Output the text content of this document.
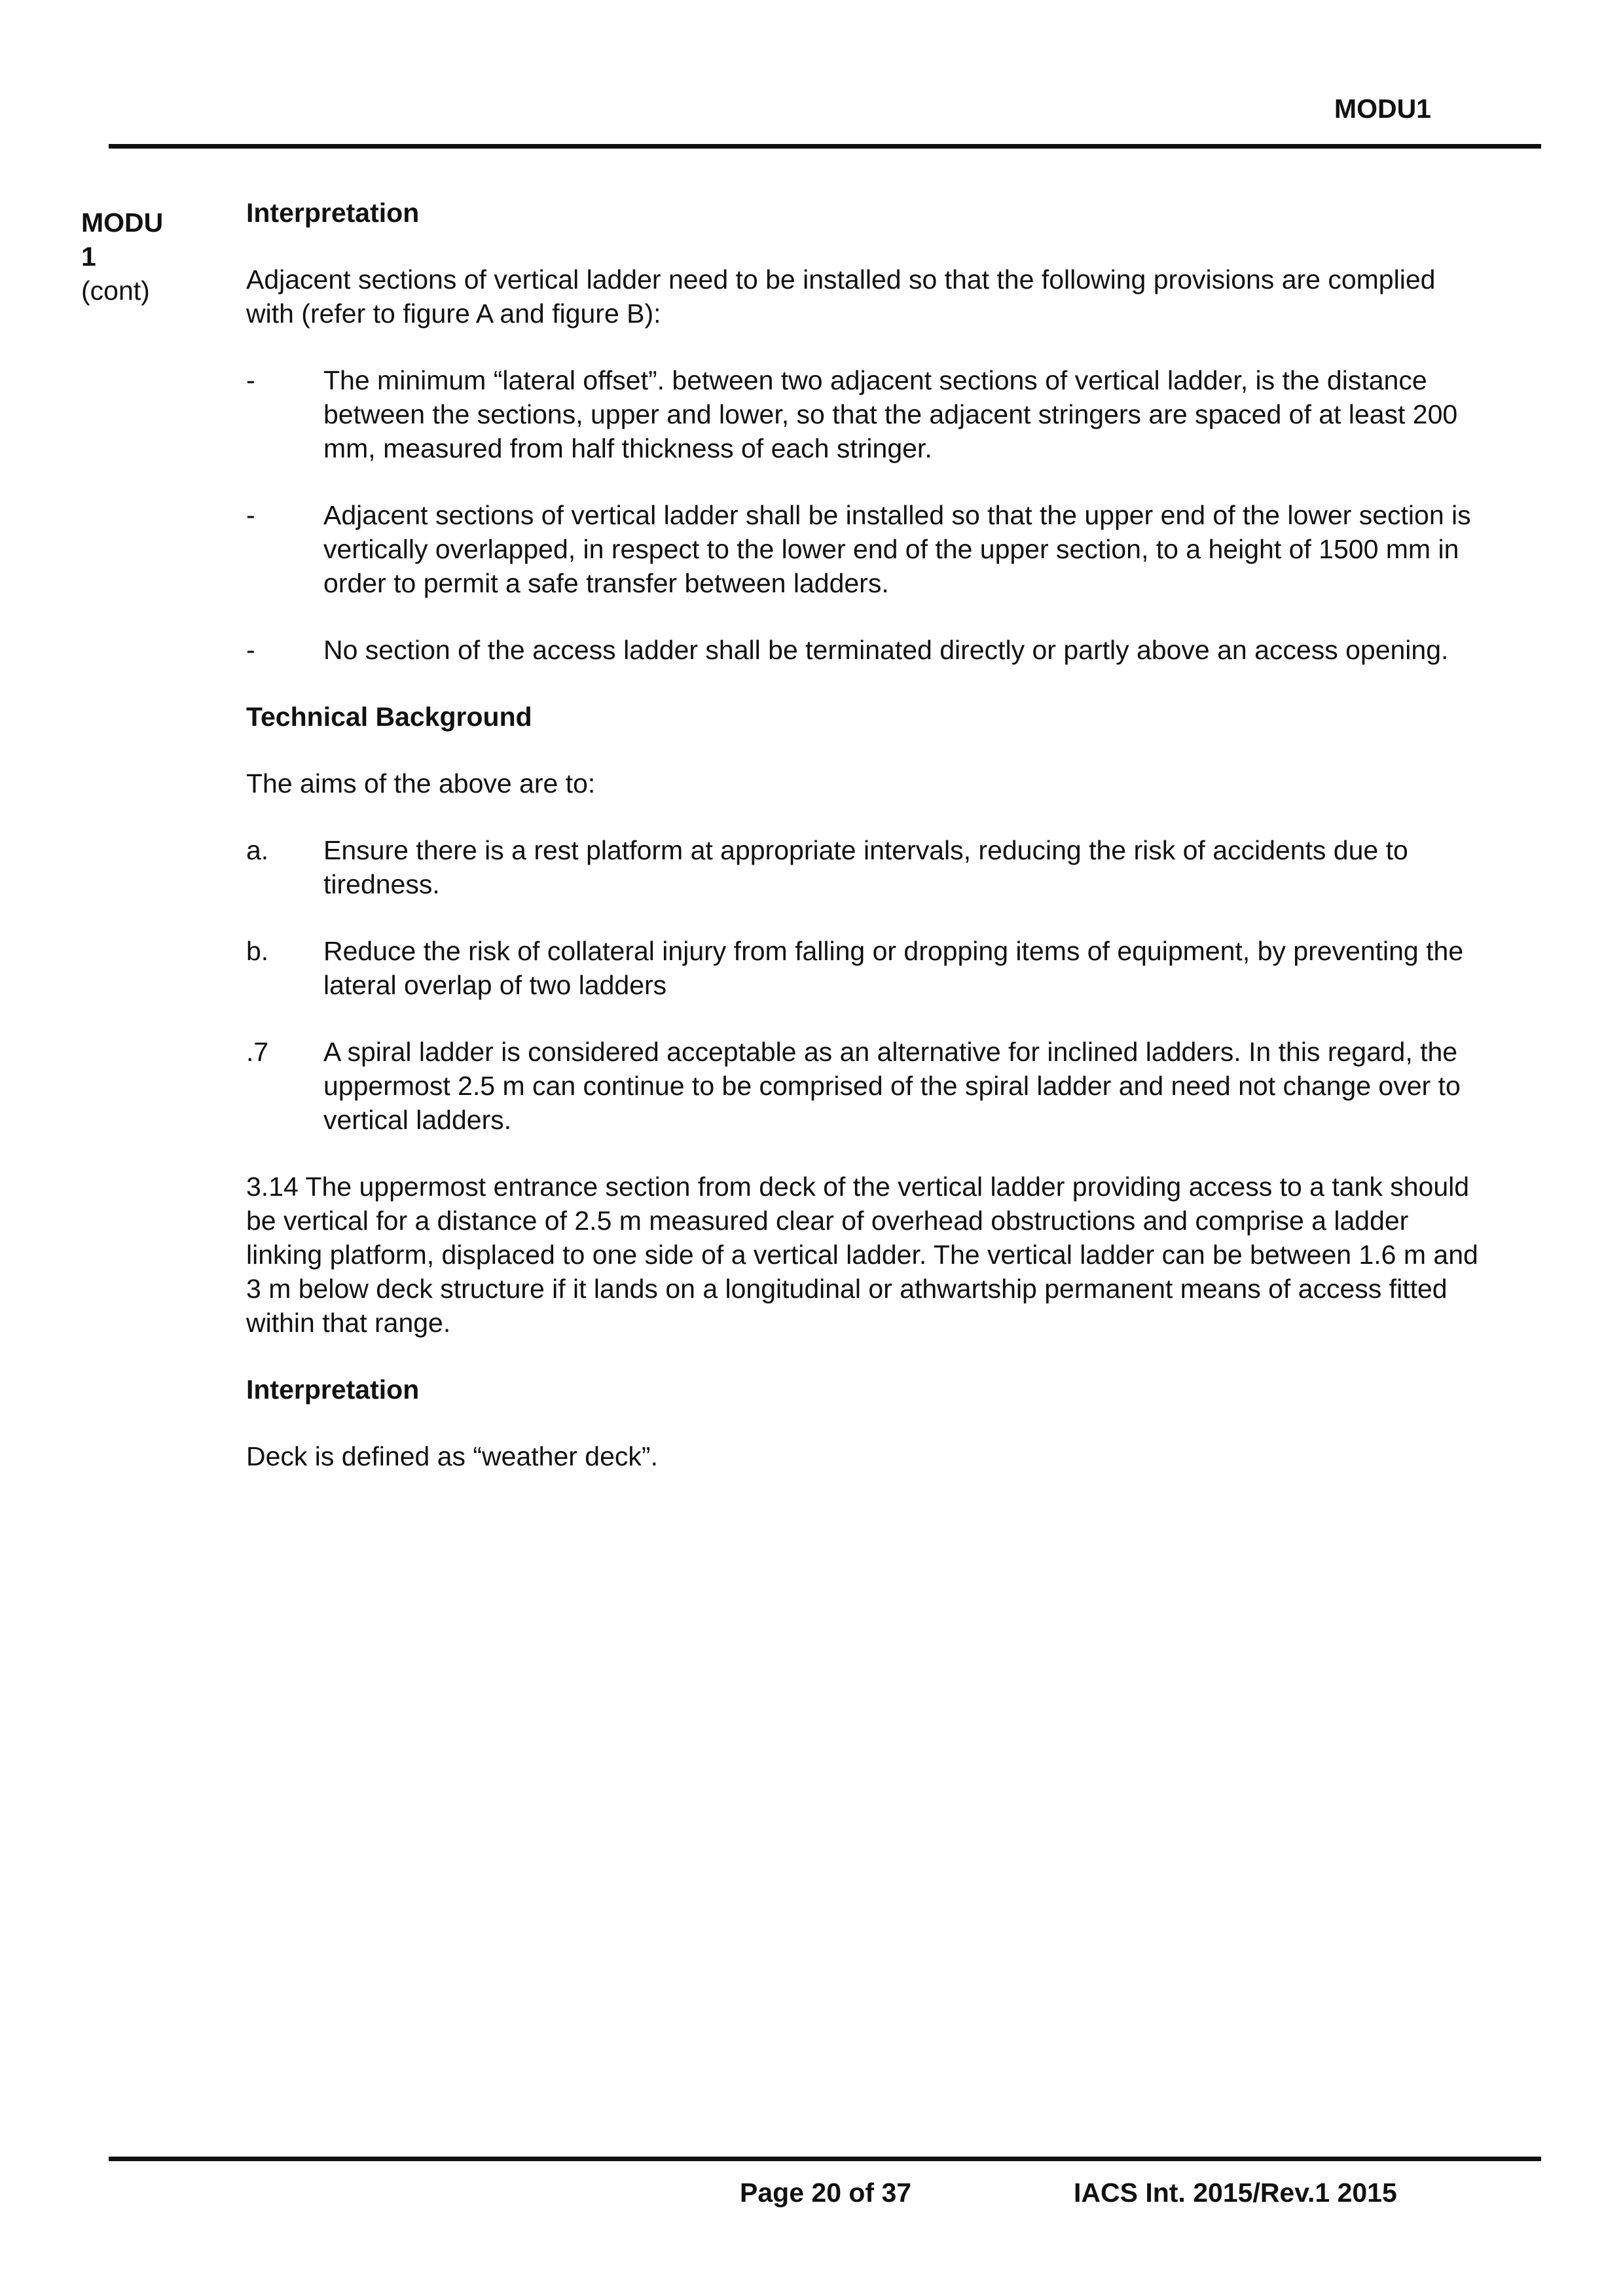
MODU1
MODU
1
(cont)

Interpretation

Adjacent sections of vertical ladder need to be installed so that the following provisions are complied with (refer to figure A and figure B):

-	The minimum “lateral offset”. between two adjacent sections of vertical ladder, is the distance between the sections, upper and lower, so that the adjacent stringers are spaced of at least 200 mm, measured from half thickness of each stringer.
-	Adjacent sections of vertical ladder shall be installed so that the upper end of the lower section is vertically overlapped, in respect to the lower end of the upper section, to a height of 1500 mm in order to permit a safe transfer between ladders.
-	No section of the access ladder shall be terminated directly or partly above an access opening.

Technical Background

The aims of the above are to:

a.	Ensure there is a rest platform at appropriate intervals, reducing the risk of accidents due to tiredness.
b.	Reduce the risk of collateral injury from falling or dropping items of equipment, by preventing the lateral overlap of two ladders
.7	A spiral ladder is considered acceptable as an alternative for inclined ladders. In this regard, the uppermost 2.5 m can continue to be comprised of the spiral ladder and need not change over to vertical ladders.

3.14 The uppermost entrance section from deck of the vertical ladder providing access to a tank should be vertical for a distance of 2.5 m measured clear of overhead obstructions and comprise a ladder linking platform, displaced to one side of a vertical ladder. The vertical ladder can be between 1.6 m and 3 m below deck structure if it lands on a longitudinal or athwartship permanent means of access fitted within that range.

Interpretation

Deck is defined as “weather deck”.

Page 20 of 37	IACS Int. 2015/Rev.1 2015
